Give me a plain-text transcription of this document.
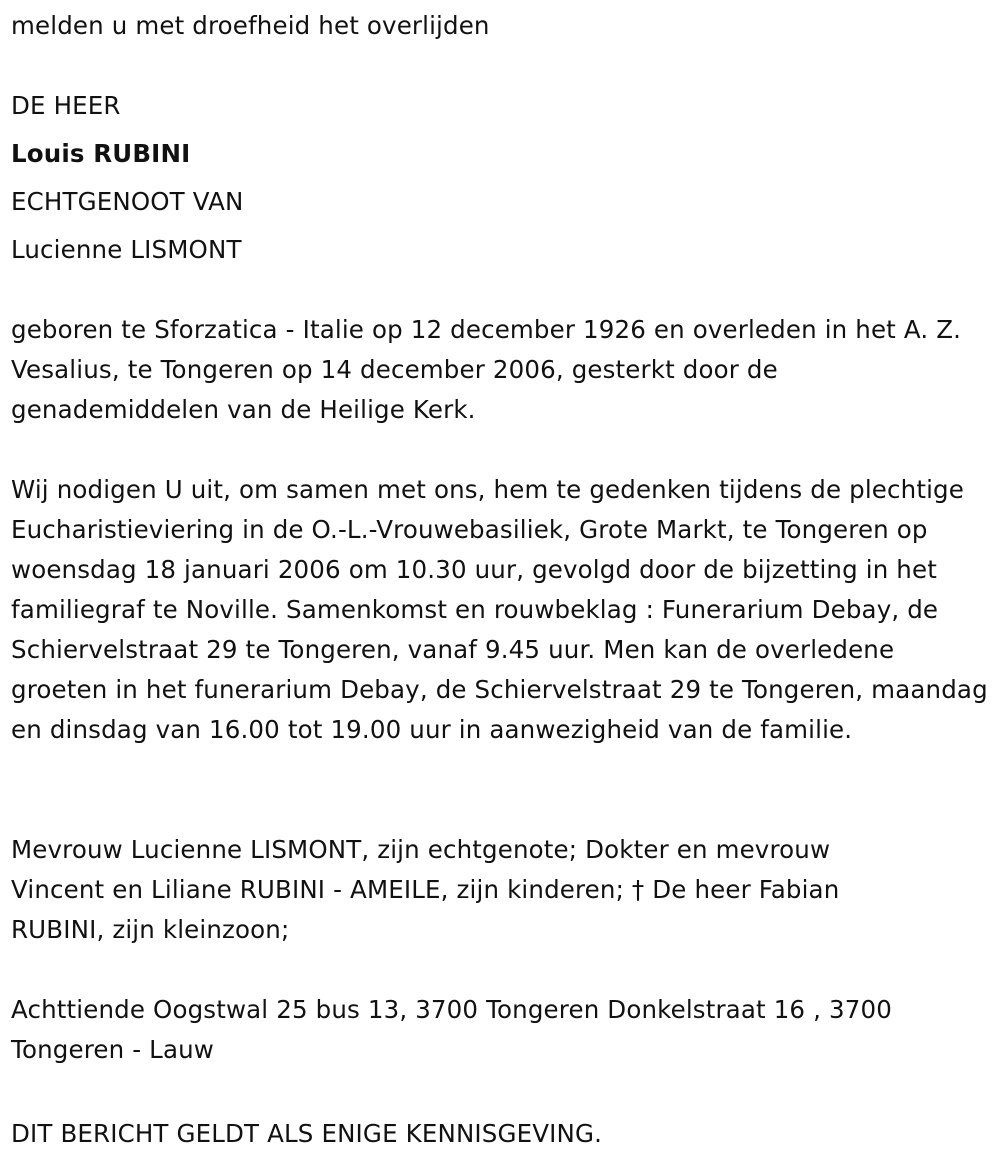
melden u met droefheid het overlijden
DE HEER
Louis RUBINI
ECHTGENOOT VAN
Lucienne LISMONT
geboren te Sforzatica - Italie op 12 december 1926 en overleden in het A. Z. Vesalius, te Tongeren op 14 december 2006, gesterkt door de genademiddelen van de Heilige Kerk.
Wij nodigen U uit, om samen met ons, hem te gedenken tijdens de plechtige Eucharistieviering in de O.-L.-Vrouwebasiliek, Grote Markt, te Tongeren op woensdag 18 januari 2006 om 10.30 uur, gevolgd door de bijzetting in het familiegraf te Noville. Samenkomst en rouwbeklag : Funerarium Debay, de Schiervelstraat 29 te Tongeren, vanaf 9.45 uur. Men kan de overledene groeten in het funerarium Debay, de Schiervelstraat 29 te Tongeren, maandag en dinsdag van 16.00 tot 19.00 uur in aanwezigheid van de familie.
Mevrouw Lucienne LISMONT, zijn echtgenote; Dokter en mevrouw Vincent en Liliane RUBINI - AMEILE, zijn kinderen; † De heer Fabian RUBINI, zijn kleinzoon;
Achttiende Oogstwal 25 bus 13, 3700 Tongeren Donkelstraat 16 , 3700 Tongeren - Lauw
DIT BERICHT GELDT ALS ENIGE KENNISGEVING.
